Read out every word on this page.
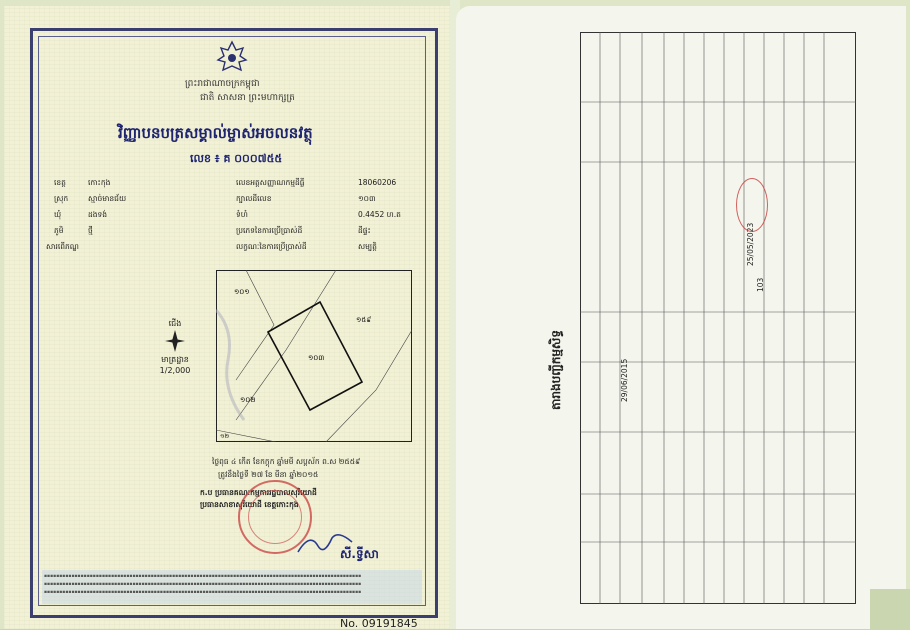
ព្រះរាជាណាចក្រកម្ពុជា
ជាតិ សាសនា ព្រះមហាក្សត្រ
វិញ្ញាបនបត្រសម្គាល់ម្ចាស់អចលនវត្ថុ
លេខ ៖ គ ០០០៧៥៥
ខេត្ត	កោះកុង	លេខអត្តសញ្ញាណកម្មដីធ្លី	18060206
ស្រុក	ស្មាច់មានជ័យ	ក្បាលដីលេខ	១០៣
ឃុំ	ដងទង់	ទំហំ	0.4452 ហ.ត
ភូមិ	ថ្មី	ប្រភេទនៃការប្រើប្រាស់ដី	ដីផ្ទះ
សារពើភណ្ឌ	លក្ខណៈនៃការប្រើប្រាស់ដី	សម្បត្តិ
១០១
១០៣
១៥៩
១០២
១២
ជើង
មាត្រដ្ឋាន
1/2,000
ថ្ងៃពុធ ៤ កើត ខែកក្តុក ឆ្នាំមមី សប្តស័ក ព.ស ២៥៥៩
ត្រូវនឹងថ្ងៃទី ២៧ ខែ មីនា ឆ្នាំ២០១៥
ក.ប ប្រធានគណៈកម្មការរដ្ឋបាលសុរិយោដី
ប្រធានសាខាសុរិយោដី ខេត្តកោះកុង
សី.ទ្វីសា
▪▪▪▪▪▪▪▪▪▪▪▪▪▪▪▪▪▪▪▪▪▪▪▪▪▪▪▪▪▪▪▪▪▪▪▪▪▪▪▪▪▪▪▪▪▪▪▪▪▪▪▪▪▪▪▪▪▪▪▪▪▪▪▪▪▪▪▪▪▪▪▪▪▪▪▪▪▪▪▪▪▪▪▪▪▪▪▪▪▪▪▪▪▪▪▪▪▪▪▪▪▪▪▪
▪▪▪▪▪▪▪▪▪▪▪▪▪▪▪▪▪▪▪▪▪▪▪▪▪▪▪▪▪▪▪▪▪▪▪▪▪▪▪▪▪▪▪▪▪▪▪▪▪▪▪▪▪▪▪▪▪▪▪▪▪▪▪▪▪▪▪▪▪▪▪▪▪▪▪▪▪▪▪▪▪▪▪▪▪▪▪▪▪▪▪▪▪▪▪▪▪▪▪▪▪▪▪▪
▪▪▪▪▪▪▪▪▪▪▪▪▪▪▪▪▪▪▪▪▪▪▪▪▪▪▪▪▪▪▪▪▪▪▪▪▪▪▪▪▪▪▪▪▪▪▪▪▪▪▪▪▪▪▪▪▪▪▪▪▪▪▪▪▪▪▪▪▪▪▪▪▪▪▪▪▪▪▪▪▪▪▪▪▪▪▪▪▪▪▪▪▪▪▪▪▪▪▪▪▪▪▪▪
No. 09191845
29/06/2015
25/05/2023
103
តារាងបញ្ជីកម្មសិទ្ធ
